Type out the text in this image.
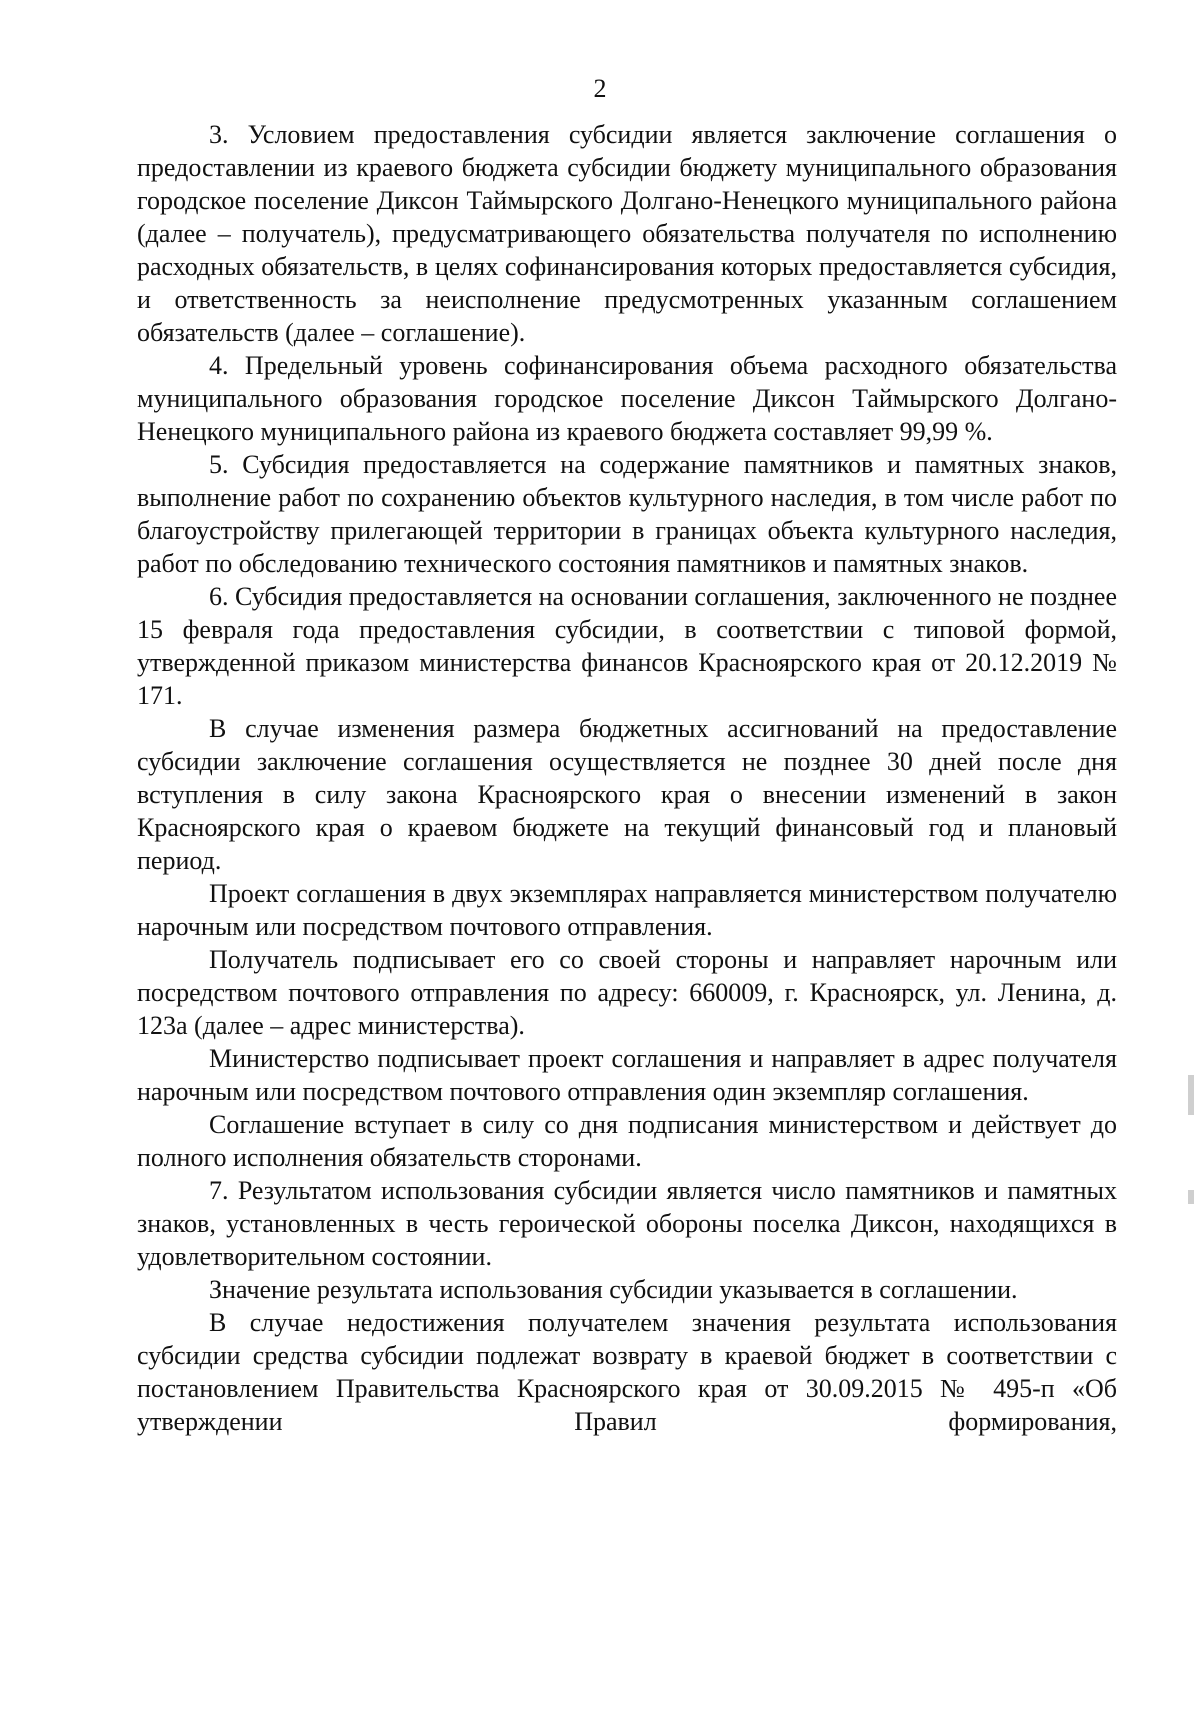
2

3. Условием предоставления субсидии является заключение соглашения о предоставлении из краевого бюджета субсидии бюджету муниципального образования городское поселение Диксон Таймырского Долгано-Ненецкого муниципального района (далее – получатель), предусматривающего обязательства получателя по исполнению расходных обязательств, в целях софинансирования которых предоставляется субсидия, и ответственность за неисполнение предусмотренных указанным соглашением обязательств (далее – соглашение).

4. Предельный уровень софинансирования объема расходного обязательства муниципального образования городское поселение Диксон Таймырского Долгано-Ненецкого муниципального района из краевого бюджета составляет 99,99 %.

5. Субсидия предоставляется на содержание памятников и памятных знаков, выполнение работ по сохранению объектов культурного наследия, в том числе работ по благоустройству прилегающей территории в границах объекта культурного наследия, работ по обследованию технического состояния памятников и памятных знаков.

6. Субсидия предоставляется на основании соглашения, заключенного не позднее 15 февраля года предоставления субсидии, в соответствии с типовой формой, утвержденной приказом министерства финансов Красноярского края от 20.12.2019 № 171.

В случае изменения размера бюджетных ассигнований на предоставление субсидии заключение соглашения осуществляется не позднее 30 дней после дня вступления в силу закона Красноярского края о внесении изменений в закон Красноярского края о краевом бюджете на текущий финансовый год и плановый период.

Проект соглашения в двух экземплярах направляется министерством получателю нарочным или посредством почтового отправления.

Получатель подписывает его со своей стороны и направляет нарочным или посредством почтового отправления по адресу: 660009, г. Красноярск, ул. Ленина, д. 123а (далее – адрес министерства).

Министерство подписывает проект соглашения и направляет в адрес получателя нарочным или посредством почтового отправления один экземпляр соглашения.

Соглашение вступает в силу со дня подписания министерством и действует до полного исполнения обязательств сторонами.

7. Результатом использования субсидии является число памятников и памятных знаков, установленных в честь героической обороны поселка Диксон, находящихся в удовлетворительном состоянии.

Значение результата использования субсидии указывается в соглашении.

В случае недостижения получателем значения результата использования субсидии средства субсидии подлежат возврату в краевой бюджет в соответствии с постановлением Правительства Красноярского края от 30.09.2015 № 495-п «Об утверждении Правил формирования,
